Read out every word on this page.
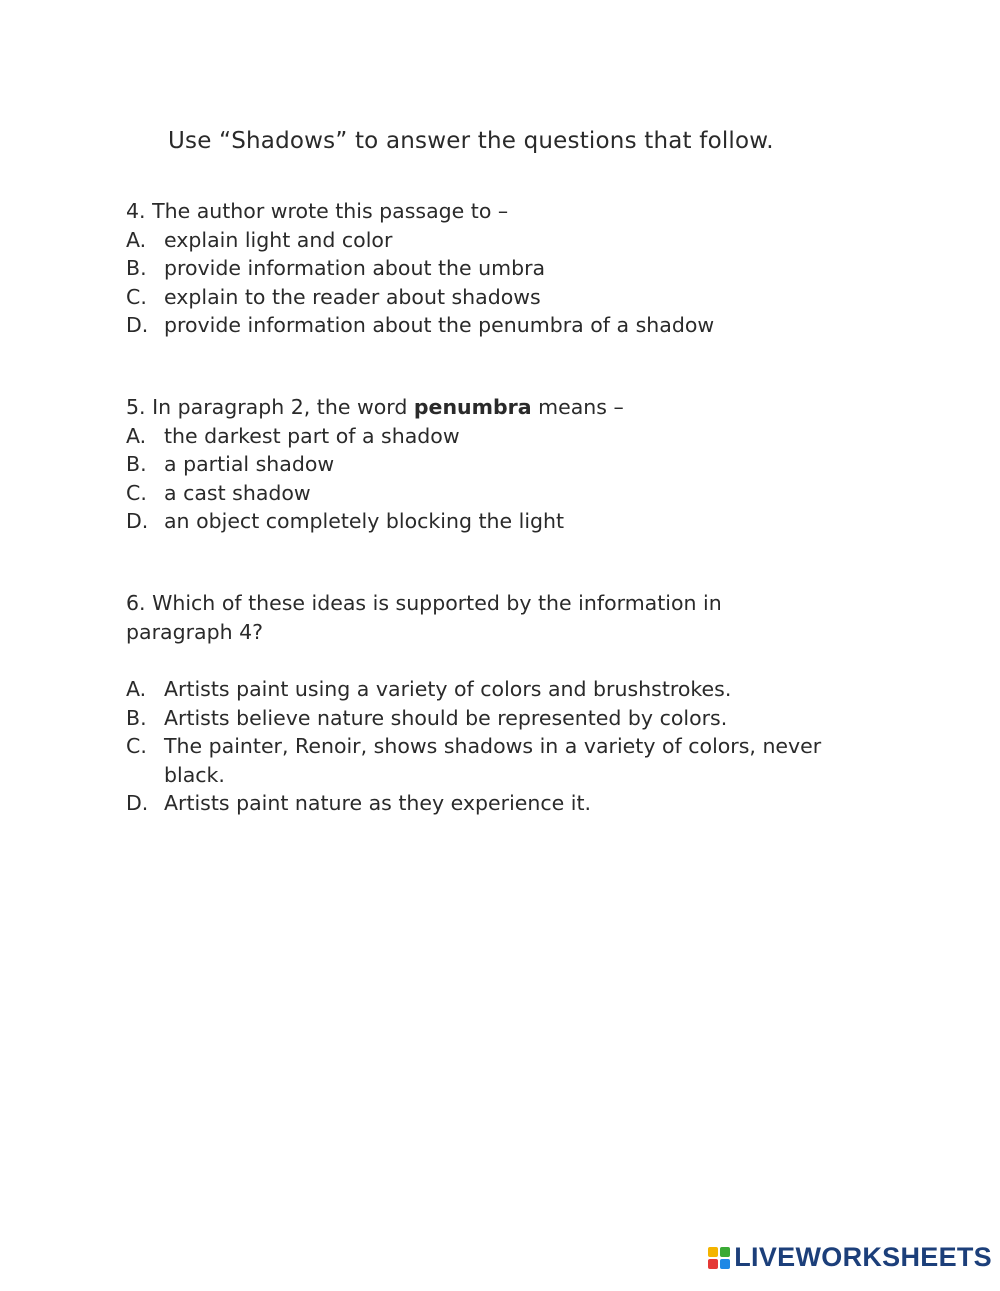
Use “Shadows” to answer the questions that follow.
4. The author wrote this passage to –
A. explain light and color
B. provide information about the umbra
C. explain to the reader about shadows
D. provide information about the penumbra of a shadow
5. In paragraph 2, the word penumbra means –
A. the darkest part of a shadow
B. a partial shadow
C. a cast shadow
D. an object completely blocking the light
6. Which of these ideas is supported by the information in paragraph 4?
A. Artists paint using a variety of colors and brushstrokes.
B. Artists believe nature should be represented by colors.
C. The painter, Renoir, shows shadows in a variety of colors, never black.
D. Artists paint nature as they experience it.
LIVEWORKSHEETS
